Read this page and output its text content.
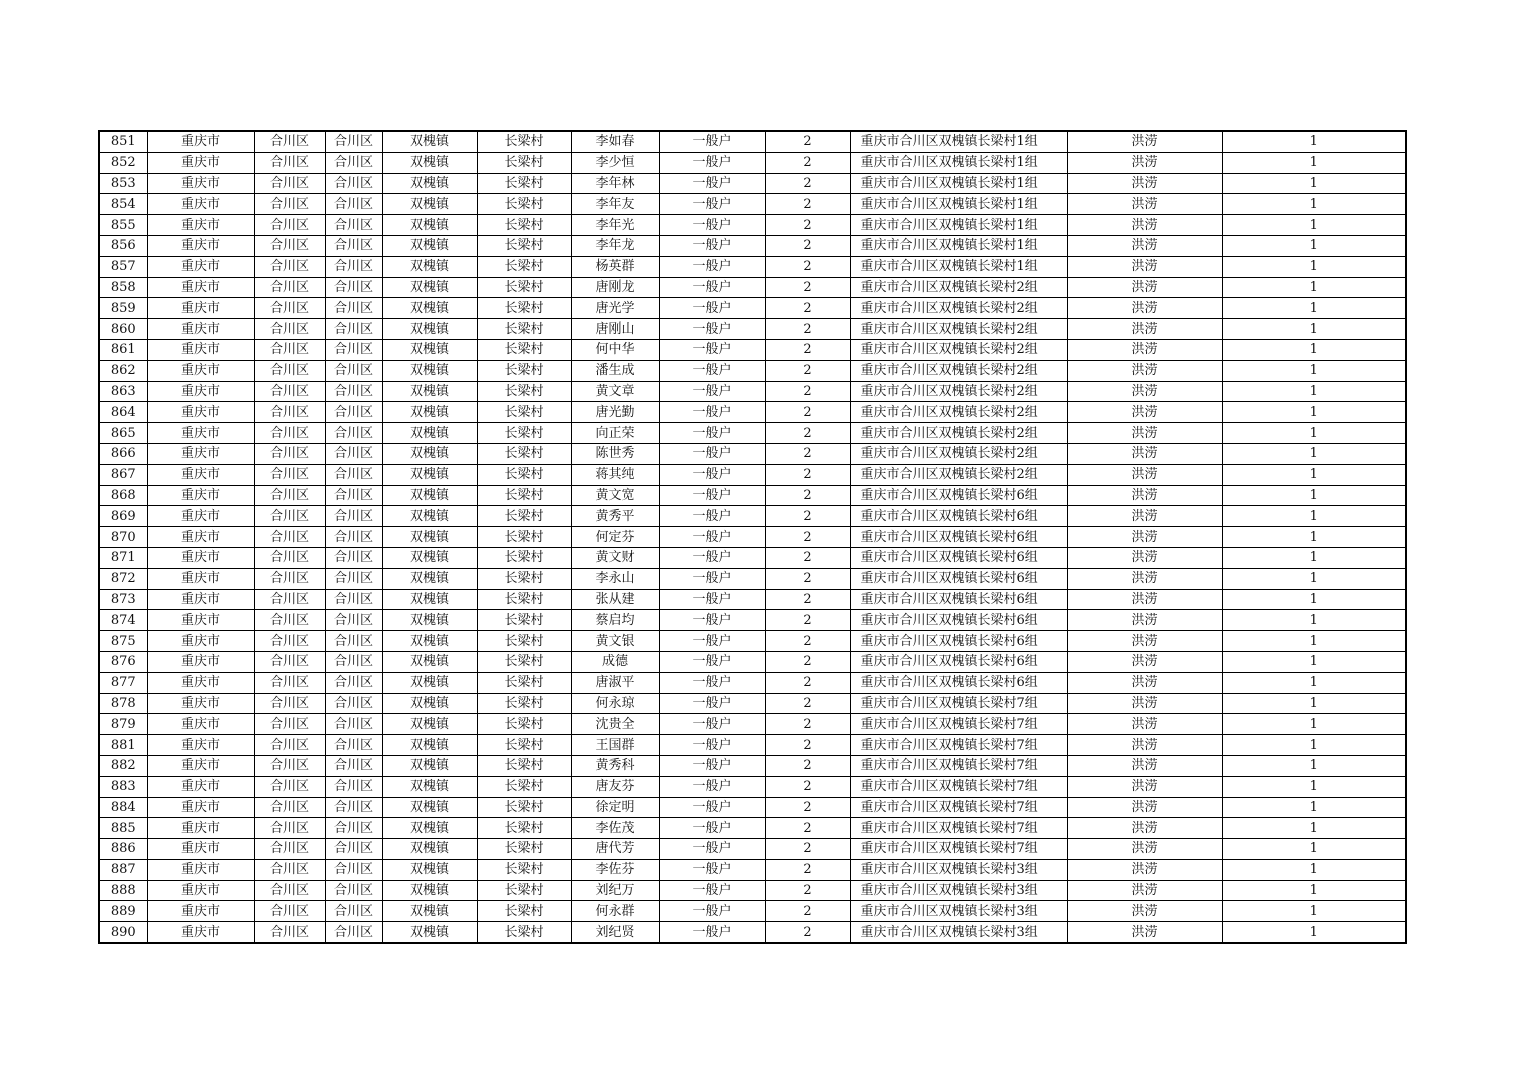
851	重庆市	合川区	合川区	双槐镇	长梁村	李如春	一般户	2	重庆市合川区双槐镇长梁村1组	洪涝	1
852	重庆市	合川区	合川区	双槐镇	长梁村	李少恒	一般户	2	重庆市合川区双槐镇长梁村1组	洪涝	1
853	重庆市	合川区	合川区	双槐镇	长梁村	李年林	一般户	2	重庆市合川区双槐镇长梁村1组	洪涝	1
854	重庆市	合川区	合川区	双槐镇	长梁村	李年友	一般户	2	重庆市合川区双槐镇长梁村1组	洪涝	1
855	重庆市	合川区	合川区	双槐镇	长梁村	李年光	一般户	2	重庆市合川区双槐镇长梁村1组	洪涝	1
856	重庆市	合川区	合川区	双槐镇	长梁村	李年龙	一般户	2	重庆市合川区双槐镇长梁村1组	洪涝	1
857	重庆市	合川区	合川区	双槐镇	长梁村	杨英群	一般户	2	重庆市合川区双槐镇长梁村1组	洪涝	1
858	重庆市	合川区	合川区	双槐镇	长梁村	唐刚龙	一般户	2	重庆市合川区双槐镇长梁村2组	洪涝	1
859	重庆市	合川区	合川区	双槐镇	长梁村	唐光学	一般户	2	重庆市合川区双槐镇长梁村2组	洪涝	1
860	重庆市	合川区	合川区	双槐镇	长梁村	唐刚山	一般户	2	重庆市合川区双槐镇长梁村2组	洪涝	1
861	重庆市	合川区	合川区	双槐镇	长梁村	何中华	一般户	2	重庆市合川区双槐镇长梁村2组	洪涝	1
862	重庆市	合川区	合川区	双槐镇	长梁村	潘生成	一般户	2	重庆市合川区双槐镇长梁村2组	洪涝	1
863	重庆市	合川区	合川区	双槐镇	长梁村	黄文章	一般户	2	重庆市合川区双槐镇长梁村2组	洪涝	1
864	重庆市	合川区	合川区	双槐镇	长梁村	唐光勤	一般户	2	重庆市合川区双槐镇长梁村2组	洪涝	1
865	重庆市	合川区	合川区	双槐镇	长梁村	向正荣	一般户	2	重庆市合川区双槐镇长梁村2组	洪涝	1
866	重庆市	合川区	合川区	双槐镇	长梁村	陈世秀	一般户	2	重庆市合川区双槐镇长梁村2组	洪涝	1
867	重庆市	合川区	合川区	双槐镇	长梁村	蒋其纯	一般户	2	重庆市合川区双槐镇长梁村2组	洪涝	1
868	重庆市	合川区	合川区	双槐镇	长梁村	黄文宽	一般户	2	重庆市合川区双槐镇长梁村6组	洪涝	1
869	重庆市	合川区	合川区	双槐镇	长梁村	黄秀平	一般户	2	重庆市合川区双槐镇长梁村6组	洪涝	1
870	重庆市	合川区	合川区	双槐镇	长梁村	何定芬	一般户	2	重庆市合川区双槐镇长梁村6组	洪涝	1
871	重庆市	合川区	合川区	双槐镇	长梁村	黄文财	一般户	2	重庆市合川区双槐镇长梁村6组	洪涝	1
872	重庆市	合川区	合川区	双槐镇	长梁村	李永山	一般户	2	重庆市合川区双槐镇长梁村6组	洪涝	1
873	重庆市	合川区	合川区	双槐镇	长梁村	张从建	一般户	2	重庆市合川区双槐镇长梁村6组	洪涝	1
874	重庆市	合川区	合川区	双槐镇	长梁村	蔡启均	一般户	2	重庆市合川区双槐镇长梁村6组	洪涝	1
875	重庆市	合川区	合川区	双槐镇	长梁村	黄文银	一般户	2	重庆市合川区双槐镇长梁村6组	洪涝	1
876	重庆市	合川区	合川区	双槐镇	长梁村	成德	一般户	2	重庆市合川区双槐镇长梁村6组	洪涝	1
877	重庆市	合川区	合川区	双槐镇	长梁村	唐淑平	一般户	2	重庆市合川区双槐镇长梁村6组	洪涝	1
878	重庆市	合川区	合川区	双槐镇	长梁村	何永琼	一般户	2	重庆市合川区双槐镇长梁村7组	洪涝	1
879	重庆市	合川区	合川区	双槐镇	长梁村	沈贵全	一般户	2	重庆市合川区双槐镇长梁村7组	洪涝	1
881	重庆市	合川区	合川区	双槐镇	长梁村	王国群	一般户	2	重庆市合川区双槐镇长梁村7组	洪涝	1
882	重庆市	合川区	合川区	双槐镇	长梁村	黄秀科	一般户	2	重庆市合川区双槐镇长梁村7组	洪涝	1
883	重庆市	合川区	合川区	双槐镇	长梁村	唐友芬	一般户	2	重庆市合川区双槐镇长梁村7组	洪涝	1
884	重庆市	合川区	合川区	双槐镇	长梁村	徐定明	一般户	2	重庆市合川区双槐镇长梁村7组	洪涝	1
885	重庆市	合川区	合川区	双槐镇	长梁村	李佐茂	一般户	2	重庆市合川区双槐镇长梁村7组	洪涝	1
886	重庆市	合川区	合川区	双槐镇	长梁村	唐代芳	一般户	2	重庆市合川区双槐镇长梁村7组	洪涝	1
887	重庆市	合川区	合川区	双槐镇	长梁村	李佐芬	一般户	2	重庆市合川区双槐镇长梁村3组	洪涝	1
888	重庆市	合川区	合川区	双槐镇	长梁村	刘纪万	一般户	2	重庆市合川区双槐镇长梁村3组	洪涝	1
889	重庆市	合川区	合川区	双槐镇	长梁村	何永群	一般户	2	重庆市合川区双槐镇长梁村3组	洪涝	1
890	重庆市	合川区	合川区	双槐镇	长梁村	刘纪贤	一般户	2	重庆市合川区双槐镇长梁村3组	洪涝	1
